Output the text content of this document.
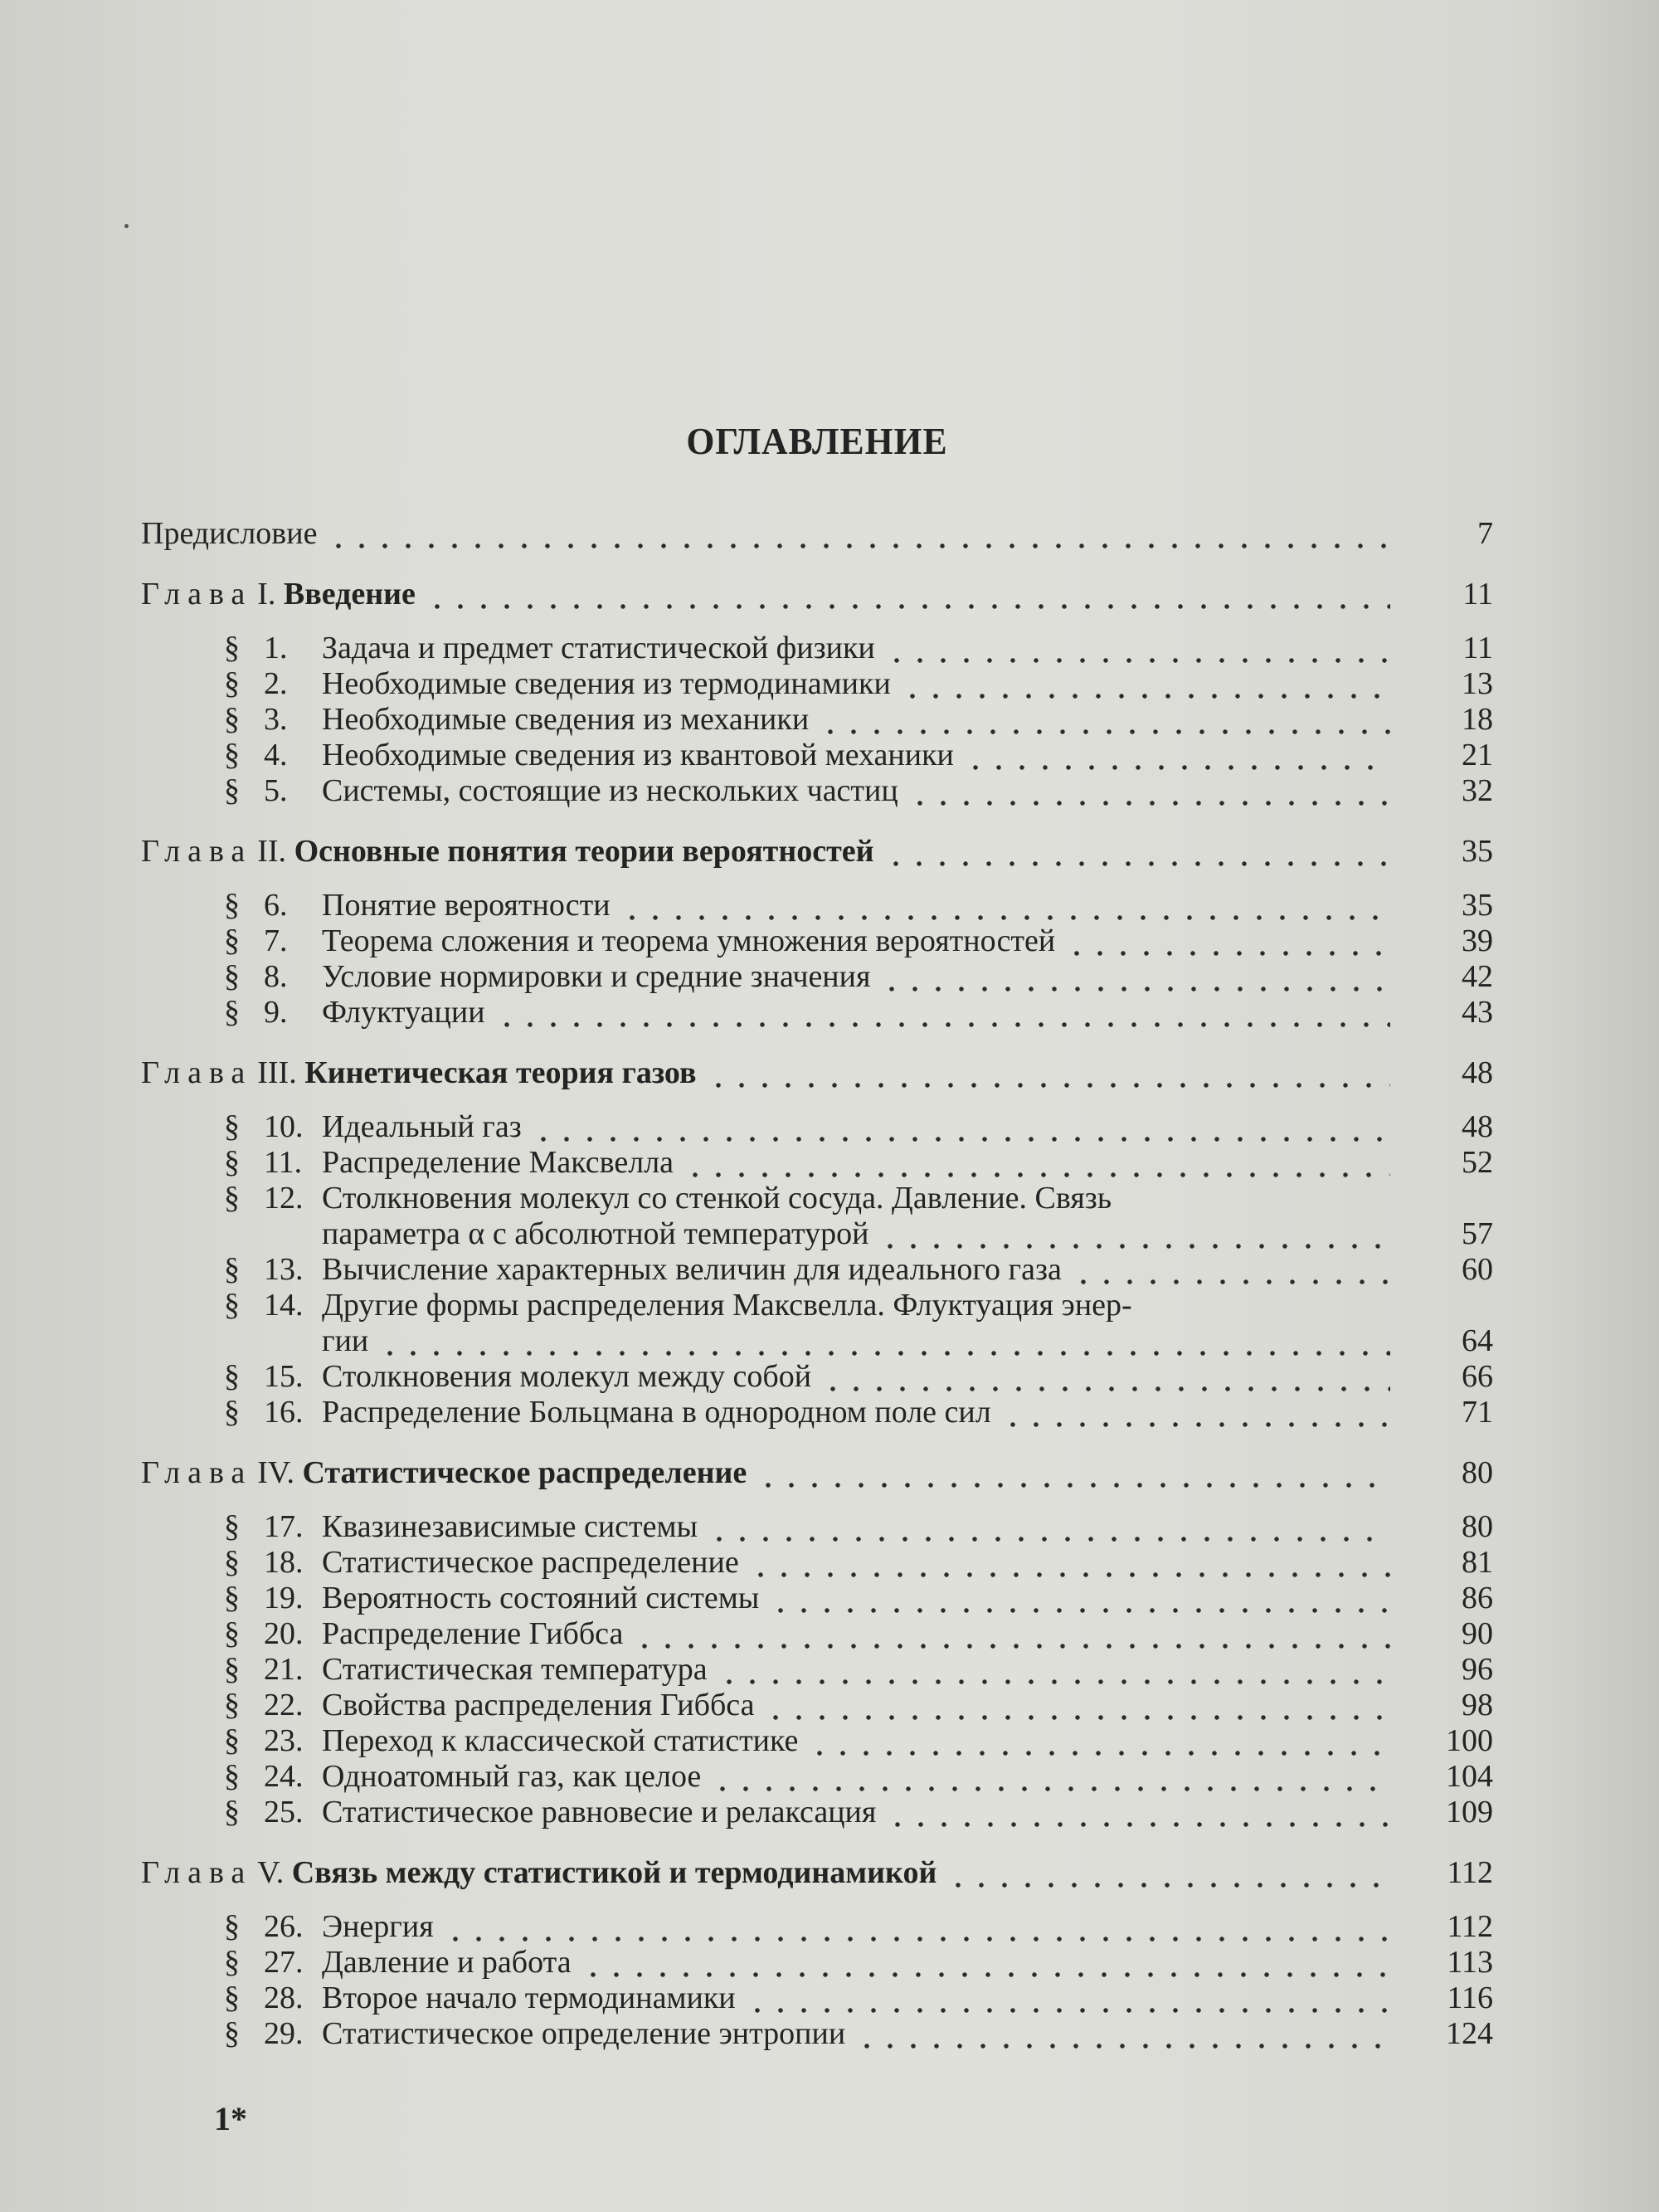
ОГЛАВЛЕНИЕ
Предисловие	7
Глава I. Введение	11
§ 1.	Задача и предмет статистической физики	11
§ 2.	Необходимые сведения из термодинамики	13
§ 3.	Необходимые сведения из механики	18
§ 4.	Необходимые сведения из квантовой механики	21
§ 5.	Системы, состоящие из нескольких частиц	32
Глава II. Основные понятия теории вероятностей	35
§ 6.	Понятие вероятности	35
§ 7.	Теорема сложения и теорема умножения вероятностей	39
§ 8.	Условие нормировки и средние значения	42
§ 9.	Флуктуации	43
Глава III. Кинетическая теория газов	48
§ 10. Идеальный газ	48
§ 11. Распределение Максвелла	52
§ 12. Столкновения молекул со стенкой сосуда. Давление. Связь
параметра α с абсолютной температурой	57
§ 13. Вычисление характерных величин для идеального газа	60
§ 14. Другие формы распределения Максвелла. Флуктуация энер-
гии	64
§ 15. Столкновения молекул между собой	66
§ 16. Распределение Больцмана в однородном поле сил	71
Глава IV. Статистическое распределение	80
§ 17. Квазинезависимые системы	80
§ 18. Статистическое распределение	81
§ 19. Вероятность состояний системы	86
§ 20. Распределение Гиббса	90
§ 21. Статистическая температура	96
§ 22. Свойства распределения Гиббса	98
§ 23. Переход к классической статистике	100
§ 24. Одноатомный газ, как целое	104
§ 25. Статистическое равновесие и релаксация	109
Глава V. Связь между статистикой и термодинамикой	112
§ 26. Энергия	112
§ 27. Давление и работа	113
§ 28. Второе начало термодинамики	116
§ 29. Статистическое определение энтропии	124
1*
